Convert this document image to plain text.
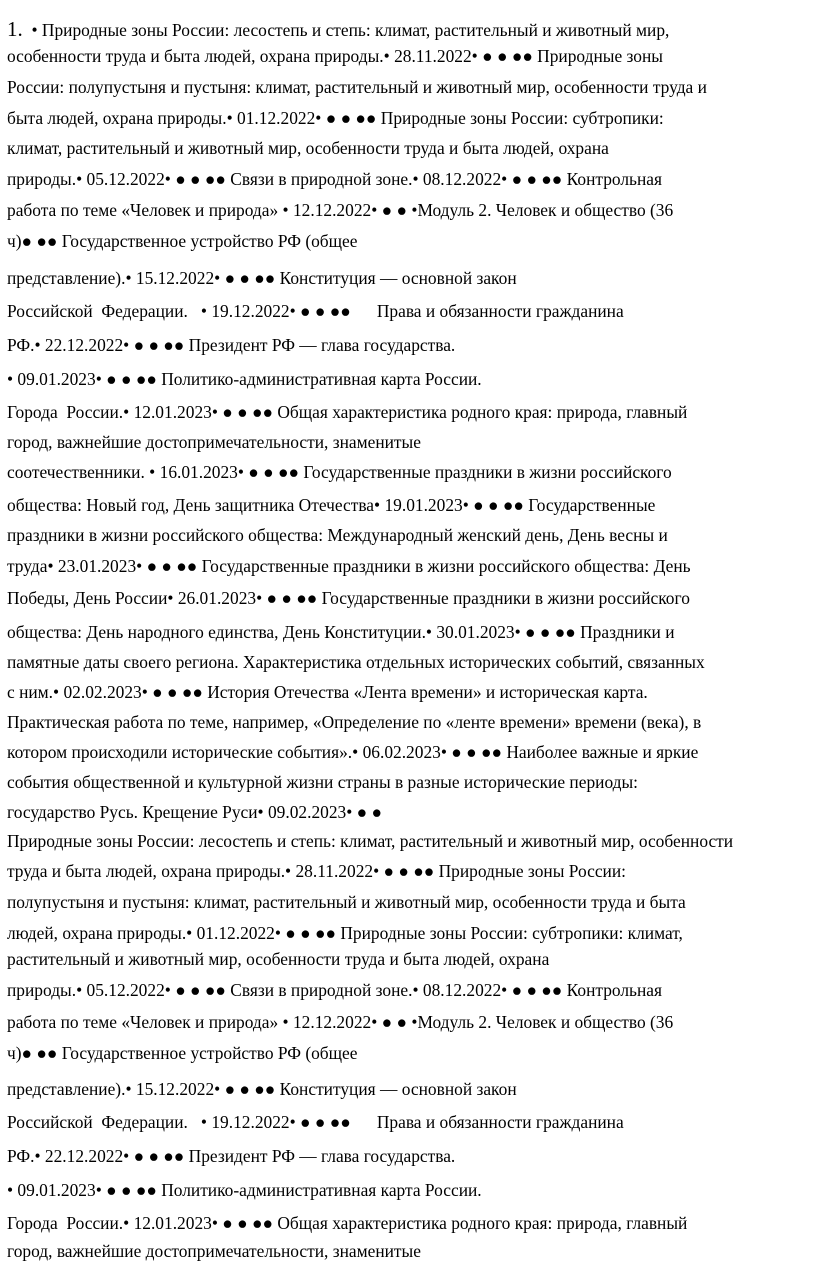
1.  • Природные зоны России: лесостепь и степь: климат, растительный и животный мир,
особенности труда и быта людей, охрана природы.• 28.11.2022• ● ● ●● Природные зоны
России: полупустыня и пустыня: климат, растительный и животный мир, особенности труда и
быта людей, охрана природы.• 01.12.2022• ● ● ●● Природные зоны России: субтропики:
климат, растительный и животный мир, особенности труда и быта людей, охрана
природы.• 05.12.2022• ● ● ●● Связи в природной зоне.• 08.12.2022• ● ● ●● Контрольная
работа по теме «Человек и природа» • 12.12.2022• ● ● •Модуль 2. Человек и общество (36
ч)● ●● Государственное устройство РФ (общее
представление).• 15.12.2022• ● ● ●● Конституция — основной закон
Российской  Федерации.   • 19.12.2022• ● ● ●●      Права и обязанности гражданина
РФ.• 22.12.2022• ● ● ●● Президент РФ — глава государства.
• 09.01.2023• ● ● ●● Политико-административная карта России.
Города  России.• 12.01.2023• ● ● ●● Общая характеристика родного края: природа, главный
город, важнейшие достопримечательности, знаменитые
соотечественники. • 16.01.2023• ● ● ●● Государственные праздники в жизни российского
общества: Новый год, День защитника Отечества• 19.01.2023• ● ● ●● Государственные
праздники в жизни российского общества: Международный женский день, День весны и
труда• 23.01.2023• ● ● ●● Государственные праздники в жизни российского общества: День
Победы, День России• 26.01.2023• ● ● ●● Государственные праздники в жизни российского
общества: День народного единства, День Конституции.• 30.01.2023• ● ● ●● Праздники и
памятные даты своего региона. Характеристика отдельных исторических событий, связанных
с ним.• 02.02.2023• ● ● ●● История Отечества «Лента времени» и историческая карта.
Практическая работа по теме, например, «Определение по «ленте времени» времени (века), в
котором происходили исторические события».• 06.02.2023• ● ● ●● Наиболее важные и яркие
события общественной и культурной жизни страны в разные исторические периоды:
государство Русь. Крещение Руси• 09.02.2023• ● ●
Природные зоны России: лесостепь и степь: климат, растительный и животный мир, особенности
труда и быта людей, охрана природы.• 28.11.2022• ● ● ●● Природные зоны России:
полупустыня и пустыня: климат, растительный и животный мир, особенности труда и быта
людей, охрана природы.• 01.12.2022• ● ● ●● Природные зоны России: субтропики: климат,
растительный и животный мир, особенности труда и быта людей, охрана
природы.• 05.12.2022• ● ● ●● Связи в природной зоне.• 08.12.2022• ● ● ●● Контрольная
работа по теме «Человек и природа» • 12.12.2022• ● ● •Модуль 2. Человек и общество (36
ч)● ●● Государственное устройство РФ (общее
представление).• 15.12.2022• ● ● ●● Конституция — основной закон
Российской  Федерации.   • 19.12.2022• ● ● ●●      Права и обязанности гражданина
РФ.• 22.12.2022• ● ● ●● Президент РФ — глава государства.
• 09.01.2023• ● ● ●● Политико-административная карта России.
Города  России.• 12.01.2023• ● ● ●● Общая характеристика родного края: природа, главный
город, важнейшие достопримечательности, знаменитые
